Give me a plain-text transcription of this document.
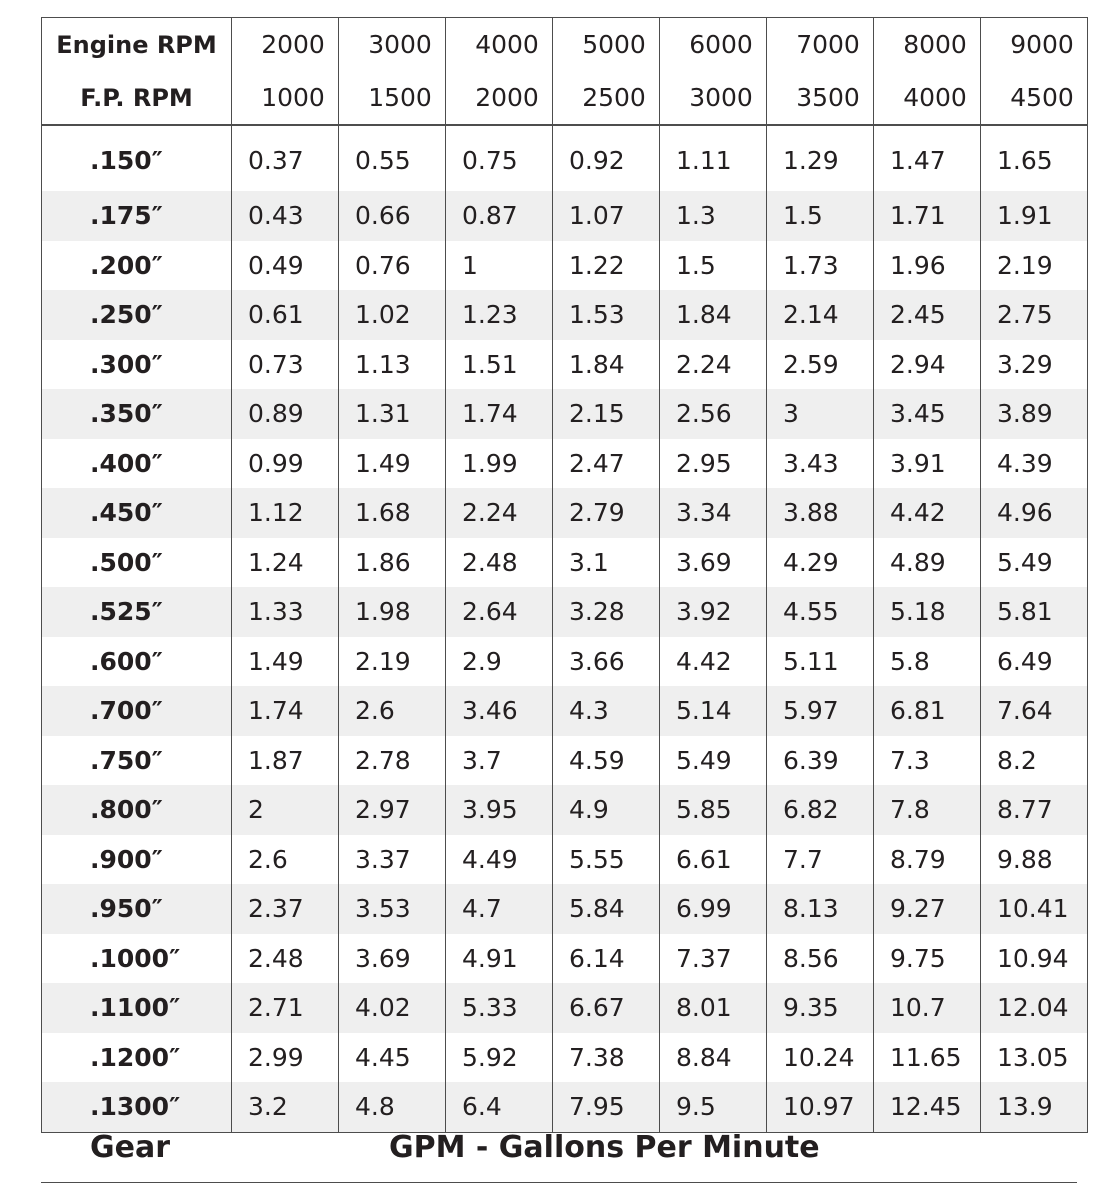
Engine RPM	2000	3000	4000	5000	6000	7000	8000	9000
F.P. RPM	1000	1500	2000	2500	3000	3500	4000	4500
.150″	0.37	0.55	0.75	0.92	1.11	1.29	1.47	1.65
.175″	0.43	0.66	0.87	1.07	1.3	1.5	1.71	1.91
.200″	0.49	0.76	1	1.22	1.5	1.73	1.96	2.19
.250″	0.61	1.02	1.23	1.53	1.84	2.14	2.45	2.75
.300″	0.73	1.13	1.51	1.84	2.24	2.59	2.94	3.29
.350″	0.89	1.31	1.74	2.15	2.56	3	3.45	3.89
.400″	0.99	1.49	1.99	2.47	2.95	3.43	3.91	4.39
.450″	1.12	1.68	2.24	2.79	3.34	3.88	4.42	4.96
.500″	1.24	1.86	2.48	3.1	3.69	4.29	4.89	5.49
.525″	1.33	1.98	2.64	3.28	3.92	4.55	5.18	5.81
.600″	1.49	2.19	2.9	3.66	4.42	5.11	5.8	6.49
.700″	1.74	2.6	3.46	4.3	5.14	5.97	6.81	7.64
.750″	1.87	2.78	3.7	4.59	5.49	6.39	7.3	8.2
.800″	2	2.97	3.95	4.9	5.85	6.82	7.8	8.77
.900″	2.6	3.37	4.49	5.55	6.61	7.7	8.79	9.88
.950″	2.37	3.53	4.7	5.84	6.99	8.13	9.27	10.41
.1000″	2.48	3.69	4.91	6.14	7.37	8.56	9.75	10.94
.1100″	2.71	4.02	5.33	6.67	8.01	9.35	10.7	12.04
.1200″	2.99	4.45	5.92	7.38	8.84	10.24	11.65	13.05
.1300″	3.2	4.8	6.4	7.95	9.5	10.97	12.45	13.9
Gear	GPM - Gallons Per Minute
